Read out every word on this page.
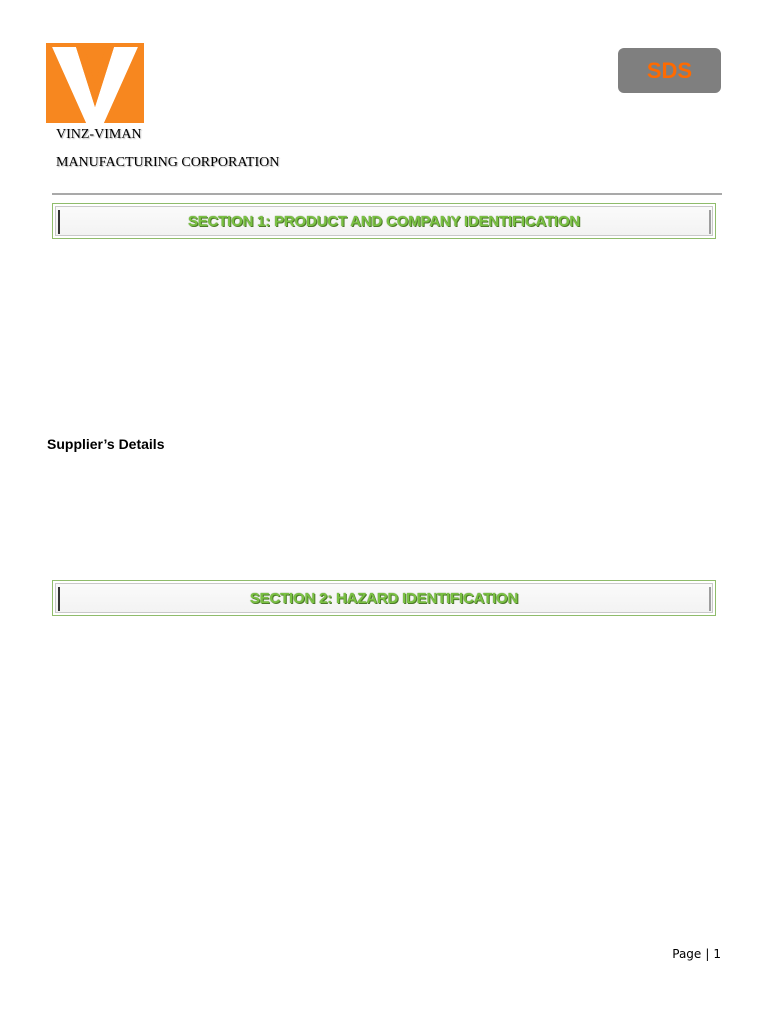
VINZ-VIMAN
MANUFACTURING CORPORATION
SDS
SECTION 1: PRODUCT AND COMPANY IDENTIFICATION
Supplier’s Details
SECTION 2: HAZARD IDENTIFICATION
Page | 1
